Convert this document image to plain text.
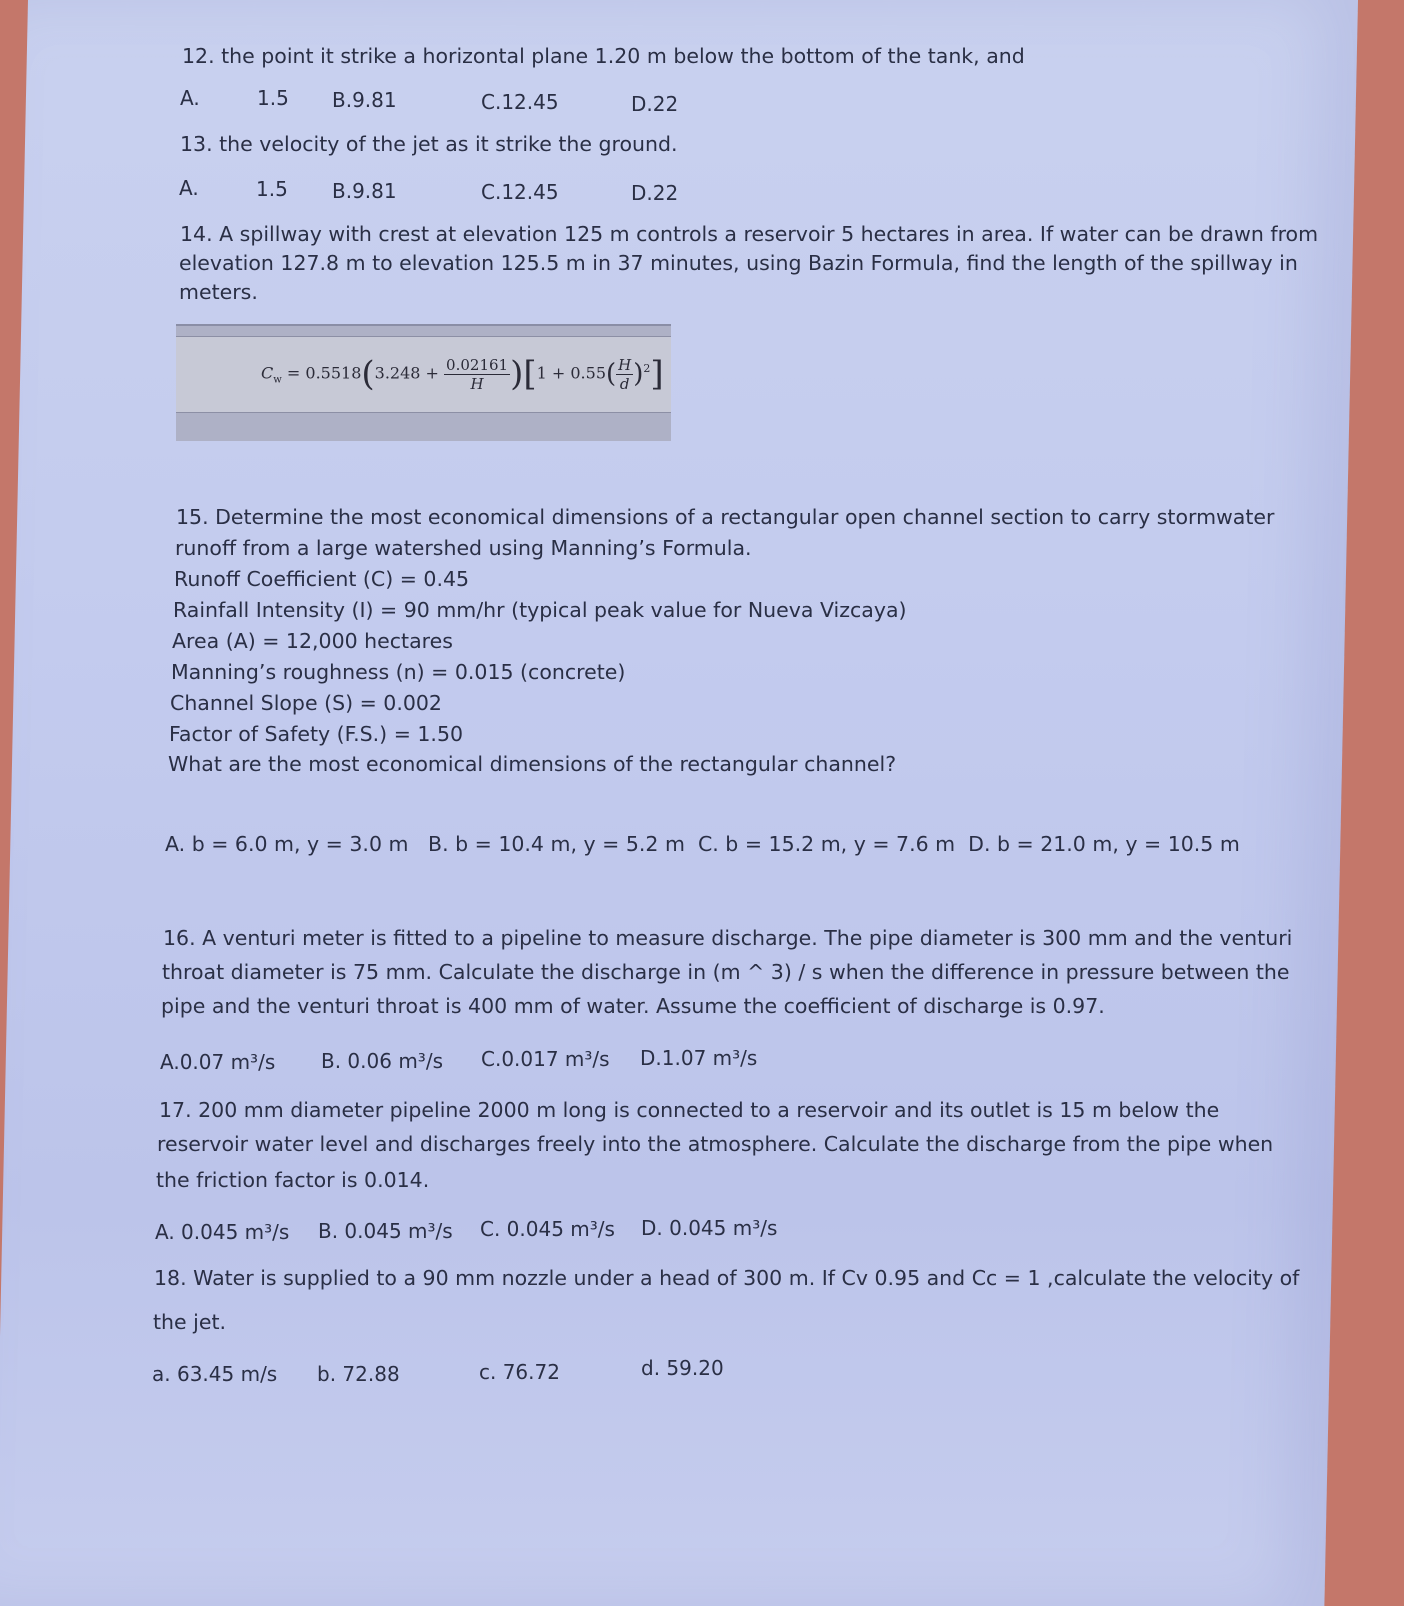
12. the point it strike a horizontal plane 1.20 m below the bottom of the tank, and
A.	1.5 B.9.81	C.12.45	D.22
13. the velocity of the jet as it strike the ground.
A.	1.5 B.9.81	C.12.45	D.22
14. A spillway with crest at elevation 125 m controls a reservoir 5 hectares in area. If water can be drawn from
elevation 127.8 m to elevation 125.5 m in 37 minutes, using Bazin Formula, find the length of the spillway in
meters.
$C_w = 0.5518(3.248 + \frac{0.02161}{H} )[1 + 0.55( \frac{H}{d} )^2]$
15. Determine the most economical dimensions of a rectangular open channel section to carry stormwater
runoff from a large watershed using Manning’s Formula.
Runoff Coefficient (C) = 0.45
Rainfall Intensity (I) = 90 mm/hr (typical peak value for Nueva Vizcaya)
Area (A) = 12,000 hectares
Manning’s roughness (n) = 0.015 (concrete)
Channel Slope (S) = 0.002
Factor of Safety (F.S.) = 1.50
What are the most economical dimensions of the rectangular channel?
A. b = 6.0 m, y = 3.0 m   B. b = 10.4 m, y = 5.2 m  C. b = 15.2 m, y = 7.6 m  D. b = 21.0 m, y = 10.5 m
16. A venturi meter is fitted to a pipeline to measure discharge. The pipe diameter is 300 mm and the venturi
throat diameter is 75 mm. Calculate the discharge in (m ^ 3) / s when the difference in pressure between the
pipe and the venturi throat is 400 mm of water. Assume the coefficient of discharge is 0.97.
A.0.07 m³/s B. 0.06 m³/s C.0.017 m³/s D.1.07 m³/s
17. 200 mm diameter pipeline 2000 m long is connected to a reservoir and its outlet is 15 m below the
reservoir water level and discharges freely into the atmosphere. Calculate the discharge from the pipe when
the friction factor is 0.014.
A. 0.045 m³/s B. 0.045 m³/s C. 0.045 m³/s D. 0.045 m³/s
18. Water is supplied to a 90 mm nozzle under a head of 300 m. If Cv 0.95 and Cc = 1 ,calculate the velocity of
the jet.
a. 63.45 m/s b. 72.88	c. 76.72	d. 59.20
